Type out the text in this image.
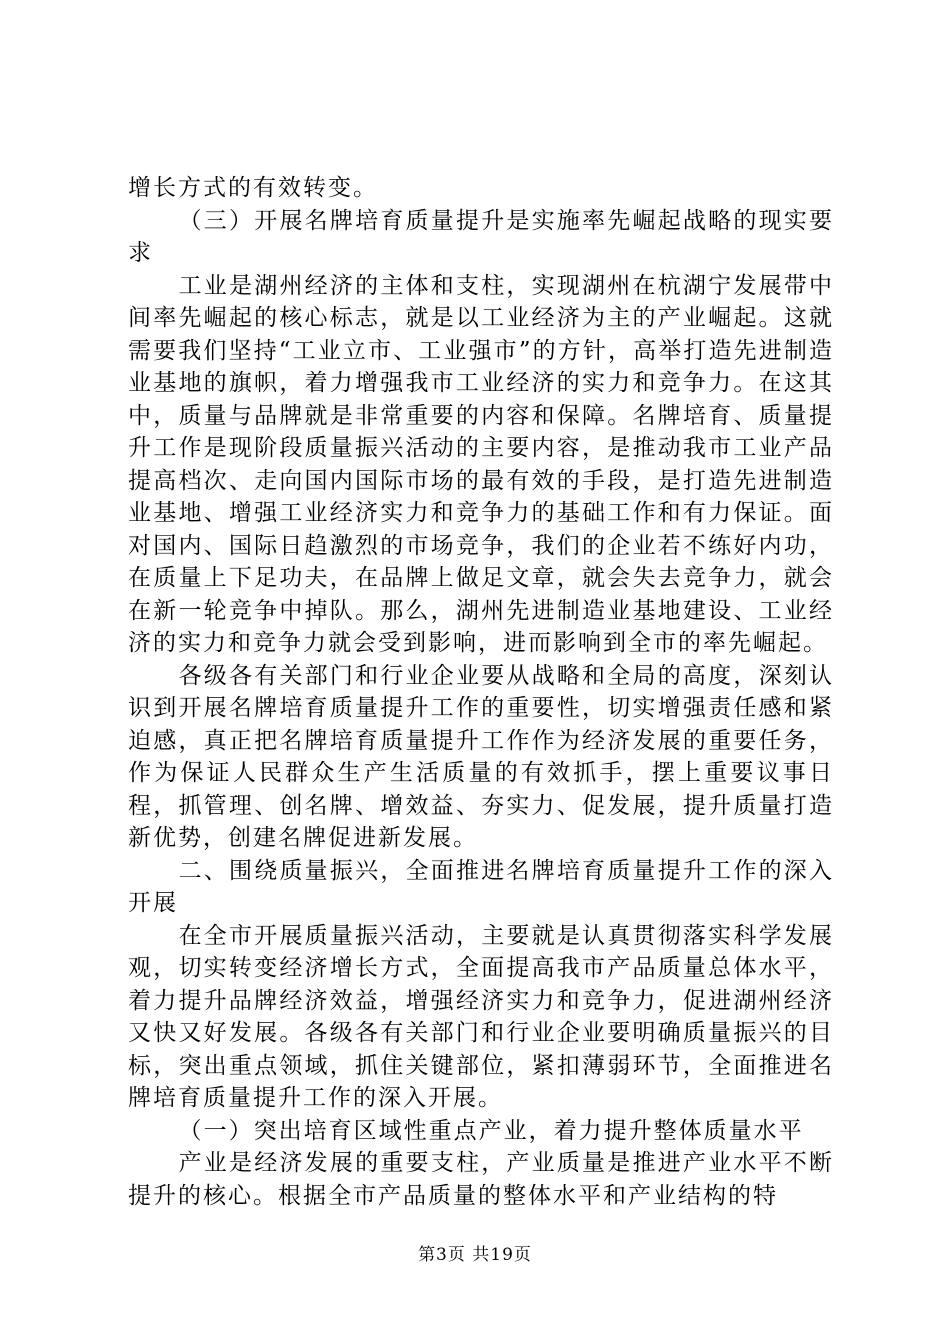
增长方式的有效转变。

（三）开展名牌培育质量提升是实施率先崛起战略的现实要求

工业是湖州经济的主体和支柱，实现湖州在杭湖宁发展带中间率先崛起的核心标志，就是以工业经济为主的产业崛起。这就需要我们坚持“工业立市、工业强市”的方针，高举打造先进制造业基地的旗帜，着力增强我市工业经济的实力和竞争力。在这其中，质量与品牌就是非常重要的内容和保障。名牌培育、质量提升工作是现阶段质量振兴活动的主要内容，是推动我市工业产品提高档次、走向国内国际市场的最有效的手段，是打造先进制造业基地、增强工业经济实力和竞争力的基础工作和有力保证。面对国内、国际日趋激烈的市场竞争，我们的企业若不练好内功，在质量上下足功夫，在品牌上做足文章，就会失去竞争力，就会在新一轮竞争中掉队。那么，湖州先进制造业基地建设、工业经济的实力和竞争力就会受到影响，进而影响到全市的率先崛起。

各级各有关部门和行业企业要从战略和全局的高度，深刻认识到开展名牌培育质量提升工作的重要性，切实增强责任感和紧迫感，真正把名牌培育质量提升工作作为经济发展的重要任务，作为保证人民群众生产生活质量的有效抓手，摆上重要议事日程，抓管理、创名牌、增效益、夯实力、促发展，提升质量打造新优势，创建名牌促进新发展。

二、围绕质量振兴，全面推进名牌培育质量提升工作的深入开展

在全市开展质量振兴活动，主要就是认真贯彻落实科学发展观，切实转变经济增长方式，全面提高我市产品质量总体水平，着力提升品牌经济效益，增强经济实力和竞争力，促进湖州经济又快又好发展。各级各有关部门和行业企业要明确质量振兴的目标，突出重点领域，抓住关键部位，紧扣薄弱环节，全面推进名牌培育质量提升工作的深入开展。

（一）突出培育区域性重点产业，着力提升整体质量水平

产业是经济发展的重要支柱，产业质量是推进产业水平不断提升的核心。根据全市产品质量的整体水平和产业结构的特

第3页 共19页
